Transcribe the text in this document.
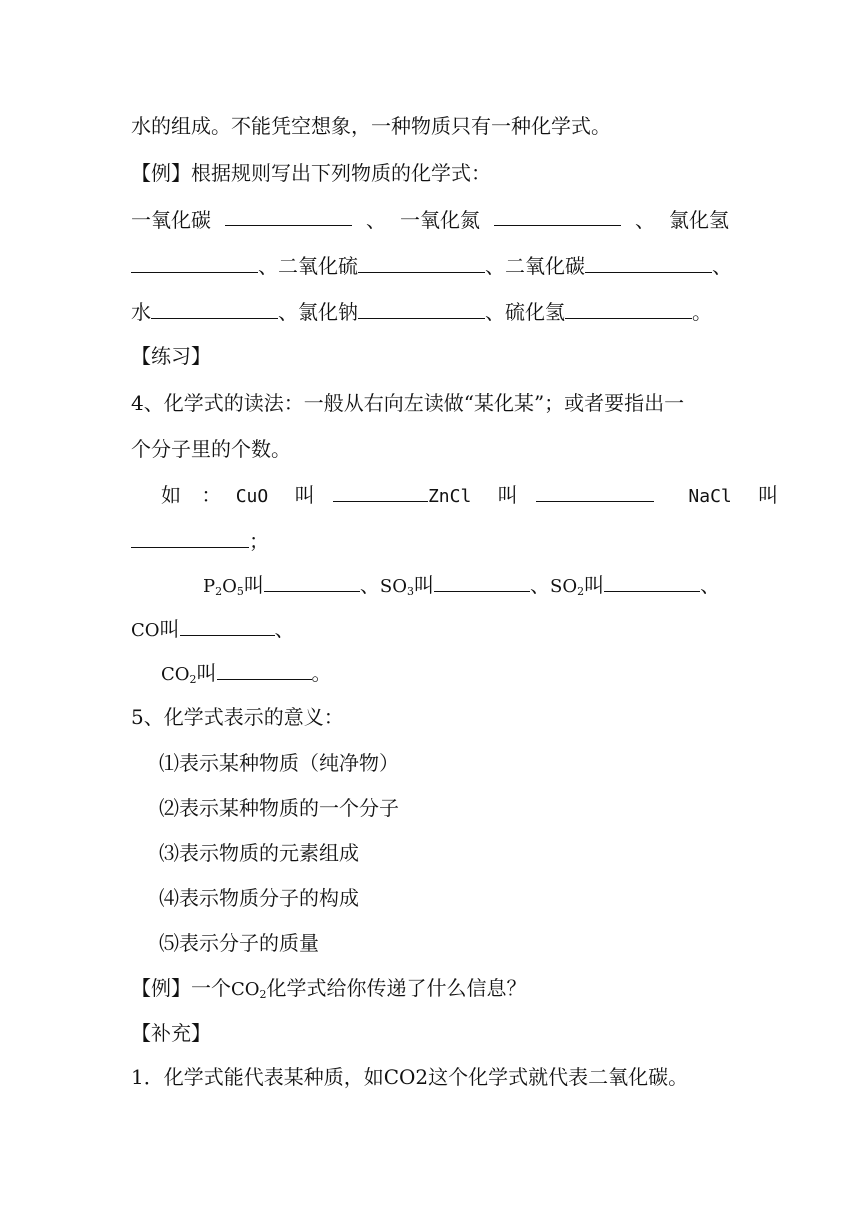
水的组成。不能凭空想象，一种物质只有一种化学式。
【例】根据规则写出下列物质的化学式：
一氧化碳	、 一氧化氮	、 氯化氢
、二氧化硫	、二氧化碳	、
水	、氯化钠	、硫化氢	。
【练习】
4、化学式的读法：一般从右向左读做“某化某”；或者要指出一
个分子里的个数。
如 ： CuO 叫	ZnCl 叫	NaCl 叫
；
$P_2O_5$叫	、$SO_3$叫	、$SO_2$叫	、
CO叫	、
$CO_2$叫	。
5、化学式表示的意义：
⑴表示某种物质（纯净物）
⑵表示某种物质的一个分子
⑶表示物质的元素组成
⑷表示物质分子的构成
⑸表示分子的质量
【例】一个$CO_2$化学式给你传递了什么信息？
【补充】
1．化学式能代表某种质，如CO2这个化学式就代表二氧化碳。
